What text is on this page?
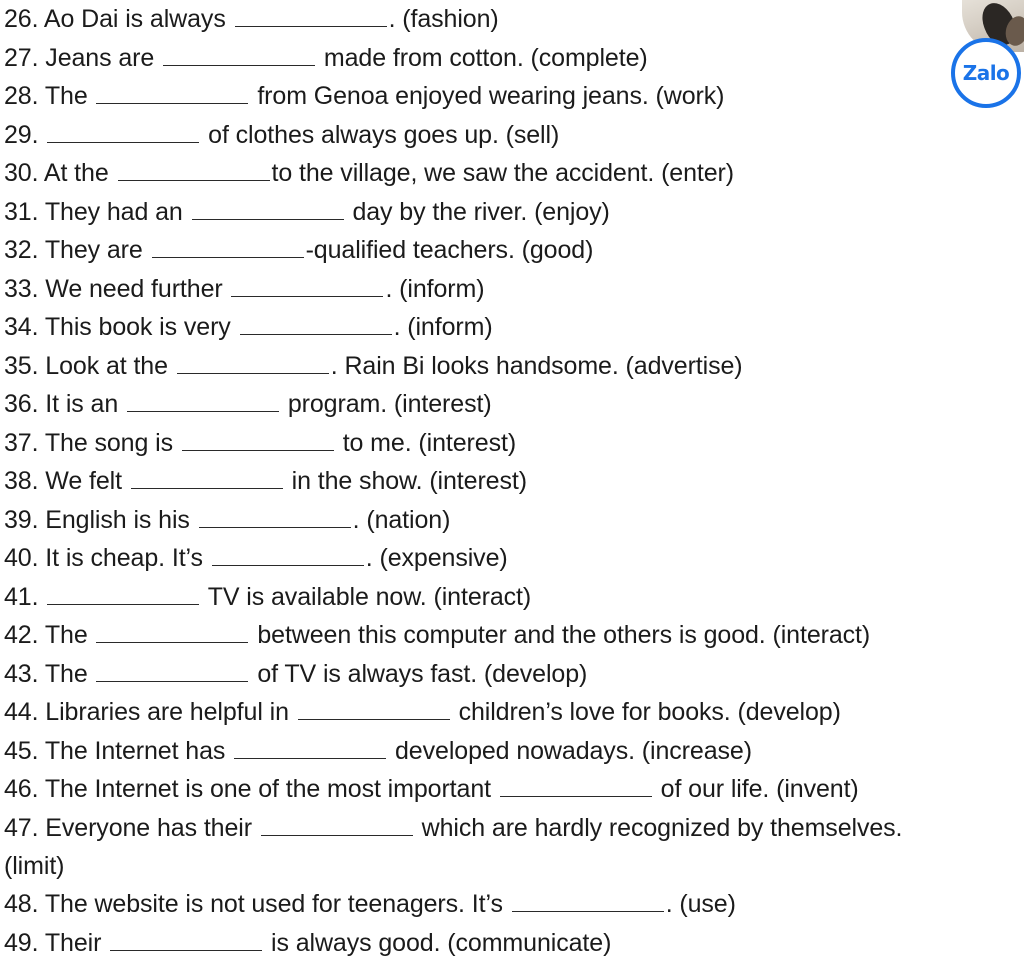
26. Ao Dai is always	. (fashion)
27. Jeans are	made from cotton. (complete)
28. The	from Genoa enjoyed wearing jeans. (work)
29.	of clothes always goes up. (sell)
30. At the	to the village, we saw the accident. (enter)
31. They had an	day by the river. (enjoy)
32. They are	-qualified teachers. (good)
33. We need further	. (inform)
34. This book is very	. (inform)
35. Look at the	. Rain Bi looks handsome. (advertise)
36. It is an	program. (interest)
37. The song is	to me. (interest)
38. We felt	in the show. (interest)
39. English is his	. (nation)
40. It is cheap. It’s	. (expensive)
41.	TV is available now. (interact)
42. The	between this computer and the others is good. (interact)
43. The	of TV is always fast. (develop)
44. Libraries are helpful in	children’s love for books. (develop)
45. The Internet has	developed nowadays. (increase)
46. The Internet is one of the most important	of our life. (invent)
47. Everyone has their	which are hardly recognized by themselves.
(limit)
48. The website is not used for teenagers. It’s	. (use)
49. Their	is always good. (communicate)
Zalo
